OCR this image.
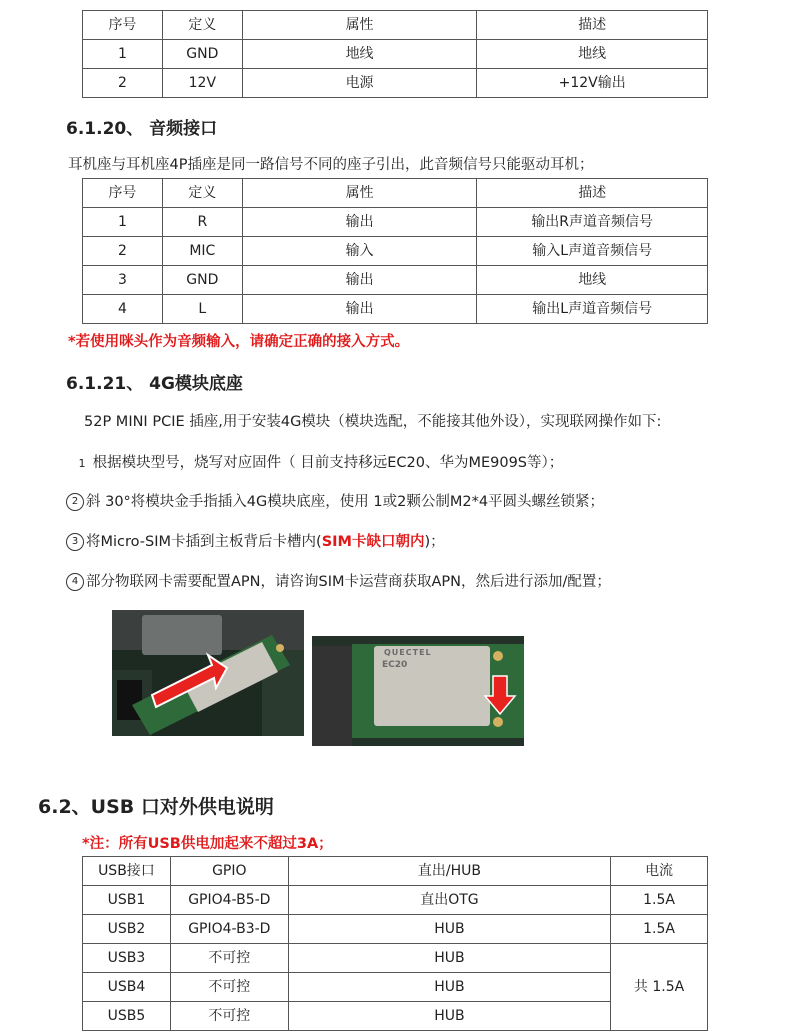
序号	定义	属性	描述
1	GND	地线	地线
2	12V	电源	+12V输出
6.1.20、 音频接口
耳机座与耳机座4P插座是同一路信号不同的座子引出，此音频信号只能驱动耳机；
序号	定义	属性	描述
1	R	输出	输出R声道音频信号
2	MIC	输入	输入L声道音频信号
3	GND	输出	地线
4	L	输出	输出L声道音频信号
*若使用咪头作为音频输入，请确定正确的接入方式。
6.1.21、 4G模块底座
52P MINI PCIE 插座,用于安装4G模块（模块选配，不能接其他外设），实现联网操作如下:
1 根据模块型号，烧写对应固件（ 目前支持移远EC20、华为ME909S等）；
2 斜 30°将模块金手指插入4G模块底座，使用 1或2颗公制M2*4平圆头螺丝锁紧；
3 将Micro-SIM卡插到主板背后卡槽内(SIM卡缺口朝内)；
4 部分物联网卡需要配置APN，请咨询SIM卡运营商获取APN，然后进行添加/配置；
QUECTEL
EC20
6.2、USB 口对外供电说明
*注：所有USB供电加起来不超过3A；
USB接口	GPIO	直出/HUB	电流
USB1	GPIO4-B5-D	直出OTG	1.5A
USB2	GPIO4-B3-D	HUB	1.5A
USB3	不可控	HUB	共 1.5A
USB4	不可控	HUB	
USB5	不可控	HUB	
